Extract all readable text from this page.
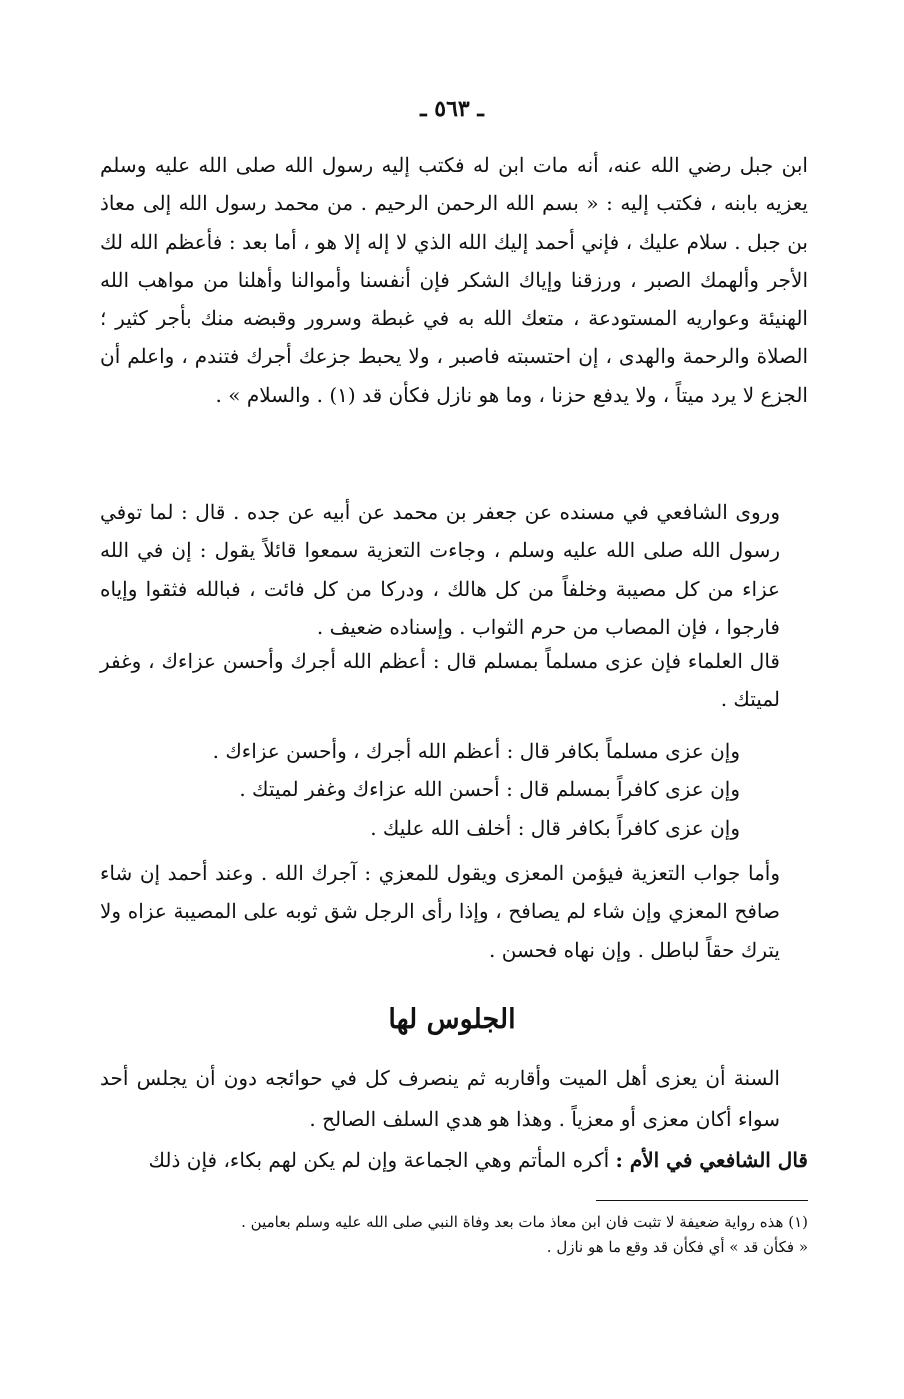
ـ ٥٦٣ ـ

ابن جبل رضي الله عنه، أنه مات ابن له فكتب إليه رسول الله صلى الله عليه وسلم يعزيه بابنه ، فكتب إليه : « بسم الله الرحمن الرحيم . من محمد رسول الله إلى معاذ بن جبل . سلام عليك ، فإني أحمد إليك الله الذي لا إله إلا هو ، أما بعد : فأعظم الله لك الأجر وألهمك الصبر ، ورزقنا وإياك الشكر فإن أنفسنا وأموالنا وأهلنا من مواهب الله الهنيئة وعواريه المستودعة ، متعك الله به في غبطة وسرور وقبضه منك بأجر كثير ؛ الصلاة والرحمة والهدى ، إن احتسبته فاصبر ، ولا يحبط جزعك أجرك فتندم ، واعلم أن الجزع لا يرد ميتاً ، ولا يدفع حزنا ، وما هو نازل فكأن قد (١) . والسلام » .

وروى الشافعي في مسنده عن جعفر بن محمد عن أبيه عن جده . قال : لما توفي رسول الله صلى الله عليه وسلم ، وجاءت التعزية سمعوا قائلاً يقول : إن في الله عزاء من كل مصيبة وخلفاً من كل هالك ، ودركا من كل فائت ، فبالله فثقوا وإياه فارجوا ، فإن المصاب من حرم الثواب . وإسناده ضعيف .

قال العلماء فإن عزى مسلماً بمسلم قال : أعظم الله أجرك وأحسن عزاءك ، وغفر لميتك .

وإن عزى مسلماً بكافر قال : أعظم الله أجرك ، وأحسن عزاءك .

وإن عزى كافراً بمسلم قال : أحسن الله عزاءك وغفر لميتك .

وإن عزى كافراً بكافر قال : أخلف الله عليك .

وأما جواب التعزية فيؤمن المعزى ويقول للمعزي : آجرك الله . وعند أحمد إن شاء صافح المعزي وإن شاء لم يصافح ، وإذا رأى الرجل شق ثوبه على المصيبة عزاه ولا يترك حقاً لباطل . وإن نهاه فحسن .

الجلوس لها

السنة أن يعزى أهل الميت وأقاربه ثم ينصرف كل في حوائجه دون أن يجلس أحد سواء أكان معزى أو معزياً . وهذا هو هدي السلف الصالح .

قال الشافعي في الأم : أكره المأتم وهي الجماعة وإن لم يكن لهم بكاء، فإن ذلك

(١) هذه رواية ضعيفة لا تثبت فان ابن معاذ مات بعد وفاة النبي صلى الله عليه وسلم بعامين .

« فكأن قد » أي فكأن قد وقع ما هو نازل .
